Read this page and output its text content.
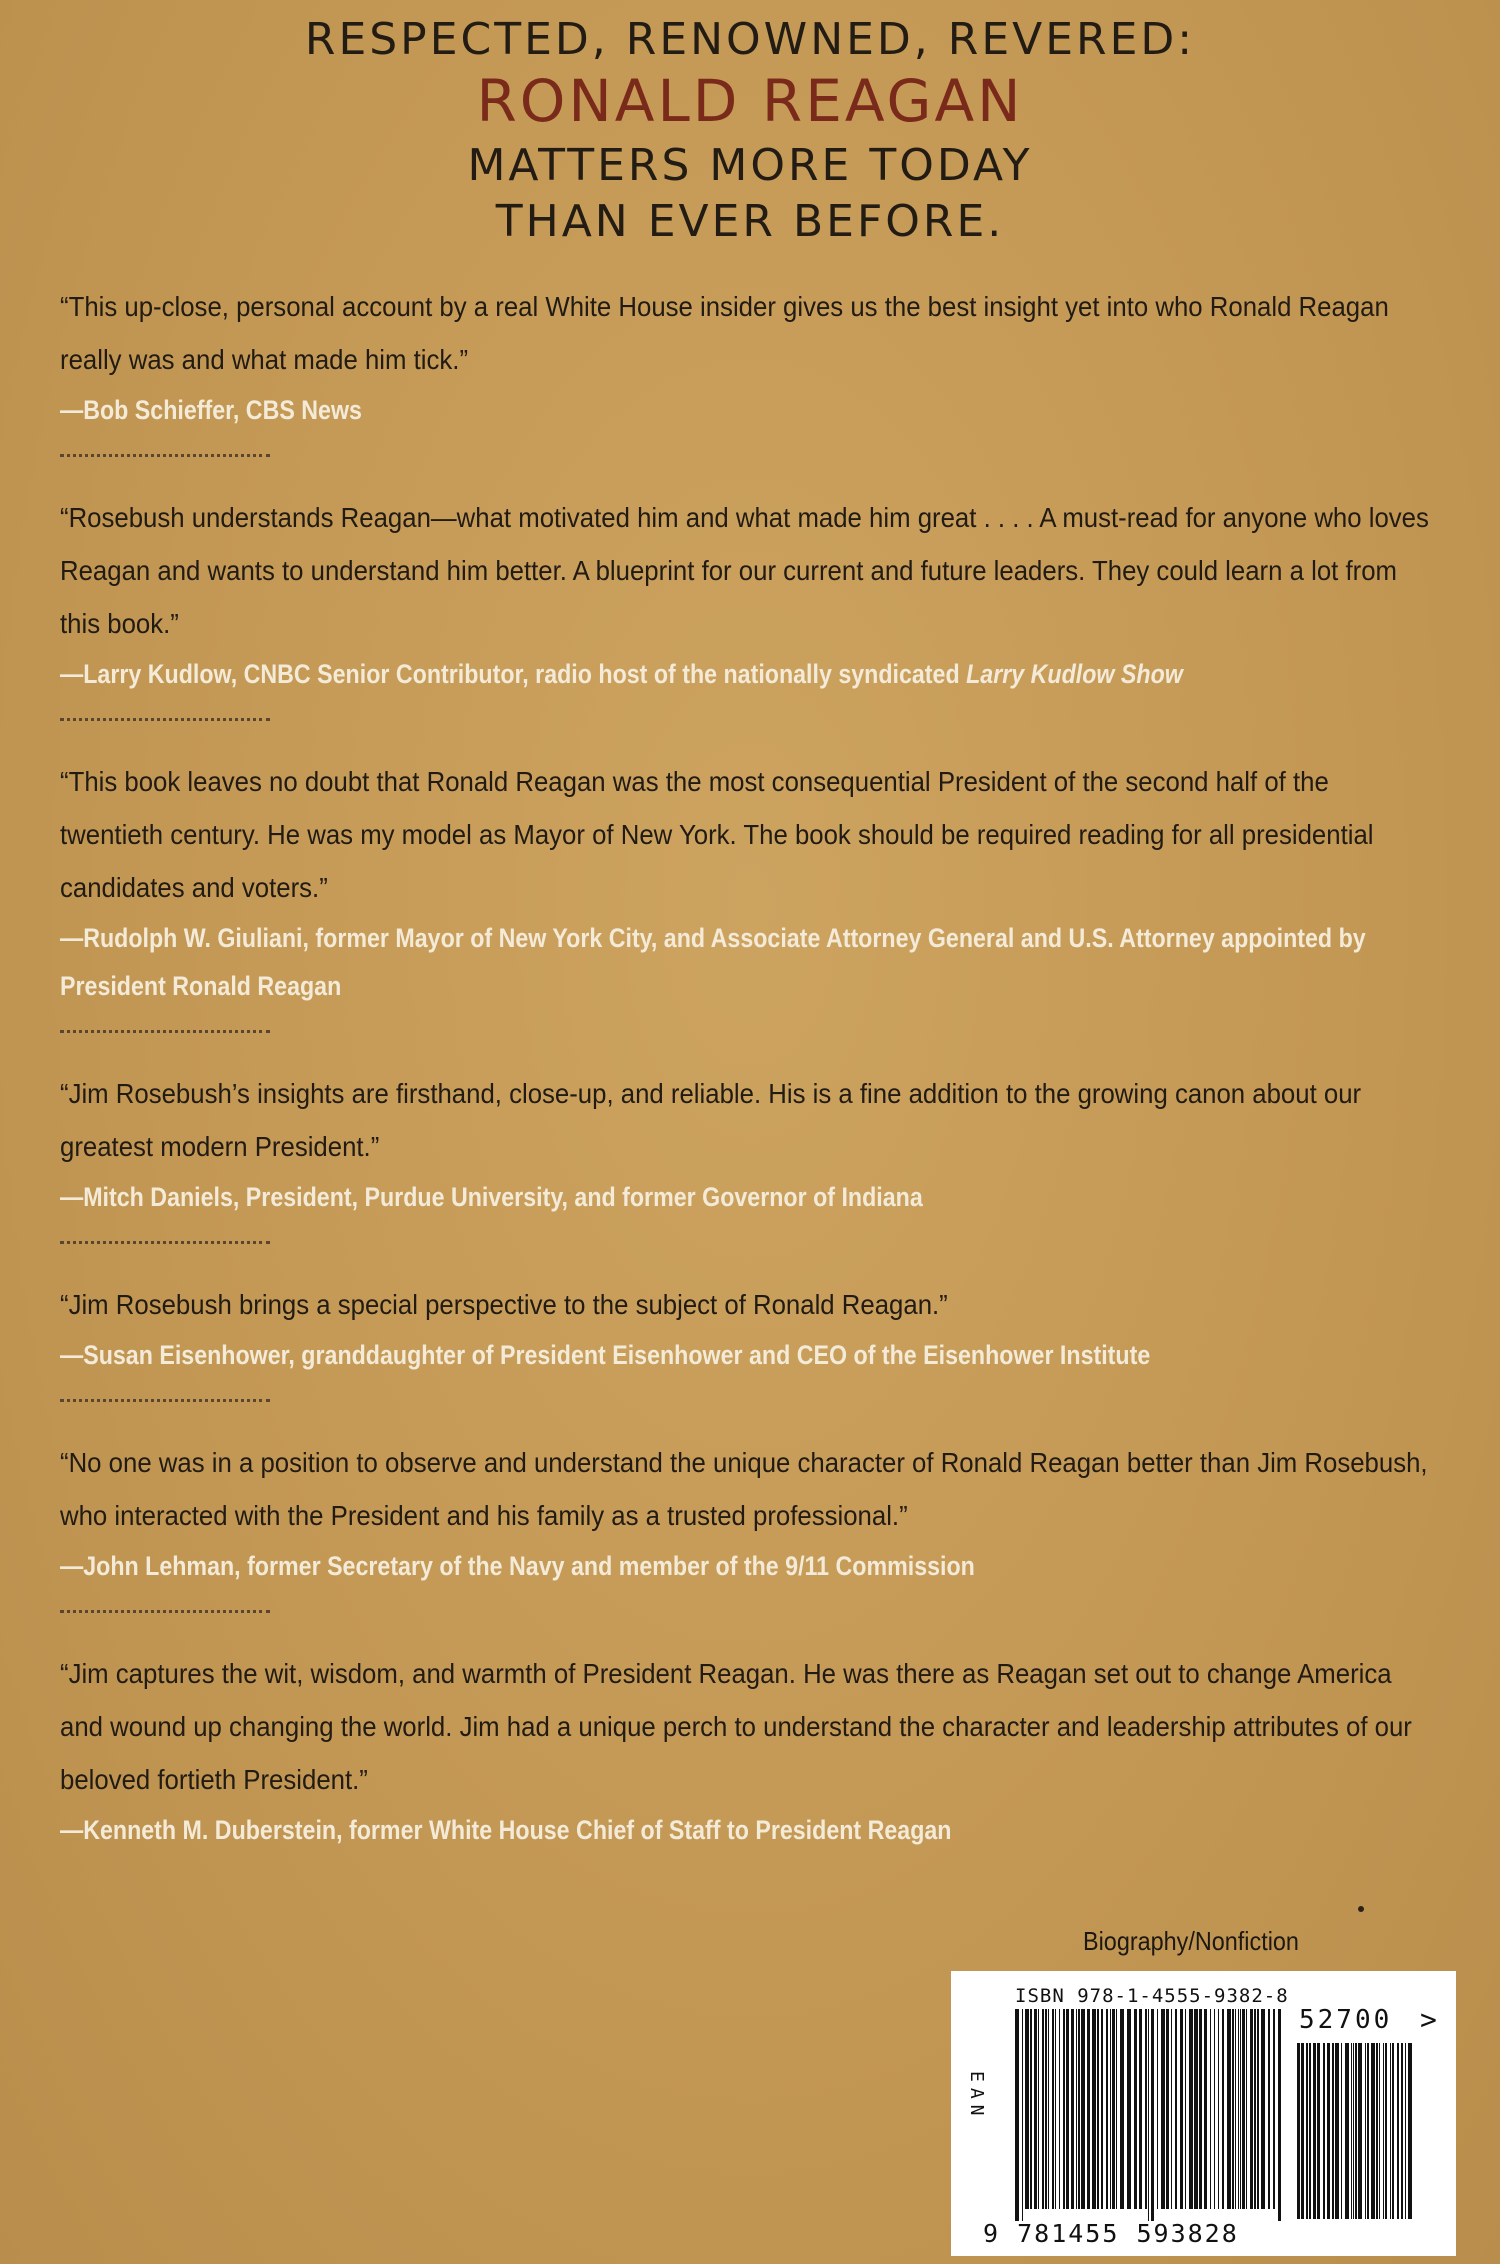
RESPECTED, RENOWNED, REVERED:
RONALD REAGAN
MATTERS MORE TODAY
THAN EVER BEFORE.
“This up-close, personal account by a real White House insider gives us the best insight yet into who Ronald Reagan really was and what made him tick.”
—Bob Schieffer, CBS News
“Rosebush understands Reagan—what motivated him and what made him great . . . . A must-read for anyone who loves Reagan and wants to understand him better. A blueprint for our current and future leaders. They could learn a lot from this book.”
—Larry Kudlow, CNBC Senior Contributor, radio host of the nationally syndicated Larry Kudlow Show
“This book leaves no doubt that Ronald Reagan was the most consequential President of the second half of the twentieth century. He was my model as Mayor of New York. The book should be required reading for all presidential candidates and voters.”
—Rudolph W. Giuliani, former Mayor of New York City, and Associate Attorney General and U.S. Attorney appointed by President Ronald Reagan
“Jim Rosebush’s insights are firsthand, close-up, and reliable. His is a fine addition to the growing canon about our greatest modern President.”
—Mitch Daniels, President, Purdue University, and former Governor of Indiana
“Jim Rosebush brings a special perspective to the subject of Ronald Reagan.”
—Susan Eisenhower, granddaughter of President Eisenhower and CEO of the Eisenhower Institute
“No one was in a position to observe and understand the unique character of Ronald Reagan better than Jim Rosebush, who interacted with the President and his family as a trusted professional.”
—John Lehman, former Secretary of the Navy and member of the 9/11 Commission
“Jim captures the wit, wisdom, and warmth of President Reagan. He was there as Reagan set out to change America and wound up changing the world. Jim had a unique perch to understand the character and leadership attributes of our beloved fortieth President.”
—Kenneth M. Duberstein, former White House Chief of Staff to President Reagan
Biography/Nonfiction
ISBN 978-1-4555-9382-8
52700 >
EAN
9 781455 593828
